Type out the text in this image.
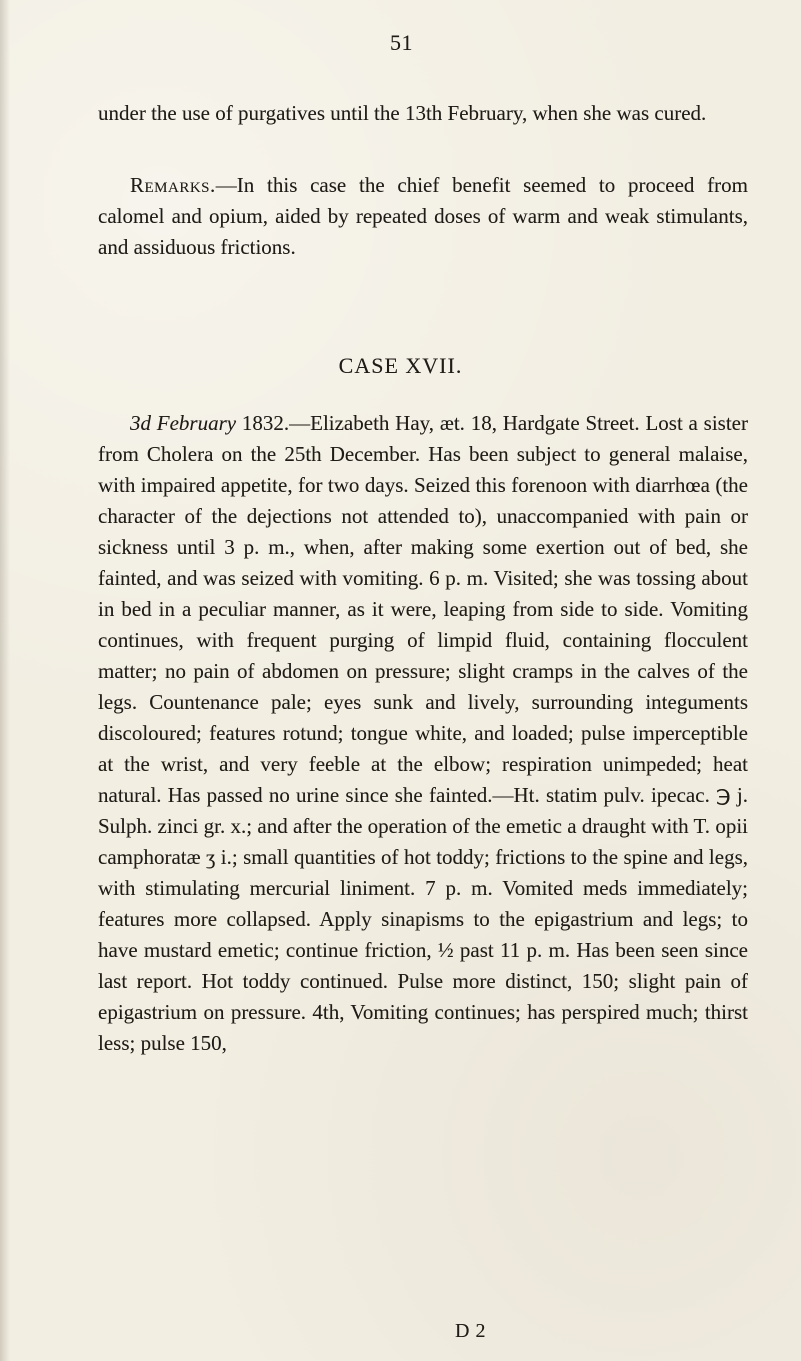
51

under the use of purgatives until the 13th February, when she was cured.

Remarks.—In this case the chief benefit seemed to proceed from calomel and opium, aided by repeated doses of warm and weak stimulants, and assiduous frictions.

CASE XVII.

3d February 1832.—Elizabeth Hay, æt. 18, Hardgate Street. Lost a sister from Cholera on the 25th December. Has been subject to general malaise, with impaired appetite, for two days. Seized this forenoon with diarrhœa (the character of the dejections not attended to), unaccompanied with pain or sickness until 3 p. m., when, after making some exertion out of bed, she fainted, and was seized with vomiting. 6 p. m. Visited; she was tossing about in bed in a peculiar manner, as it were, leaping from side to side. Vomiting continues, with frequent purging of limpid fluid, containing flocculent matter; no pain of abdomen on pressure; slight cramps in the calves of the legs. Countenance pale; eyes sunk and lively, surrounding integuments discoloured; features rotund; tongue white, and loaded; pulse imperceptible at the wrist, and very feeble at the elbow; respiration unimpeded; heat natural. Has passed no urine since she fainted.—Ht. statim pulv. ipecac. ℈ j. Sulph. zinci gr. x.; and after the operation of the emetic a draught with T. opii camphoratæ ʒ i.; small quantities of hot toddy; frictions to the spine and legs, with stimulating mercurial liniment. 7 p. m. Vomited meds immediately; features more collapsed. Apply sinapisms to the epigastrium and legs; to have mustard emetic; continue friction, ½ past 11 p. m. Has been seen since last report. Hot toddy continued. Pulse more distinct, 150; slight pain of epigastrium on pressure. 4th, Vomiting continues; has perspired much; thirst less; pulse 150,

D 2
